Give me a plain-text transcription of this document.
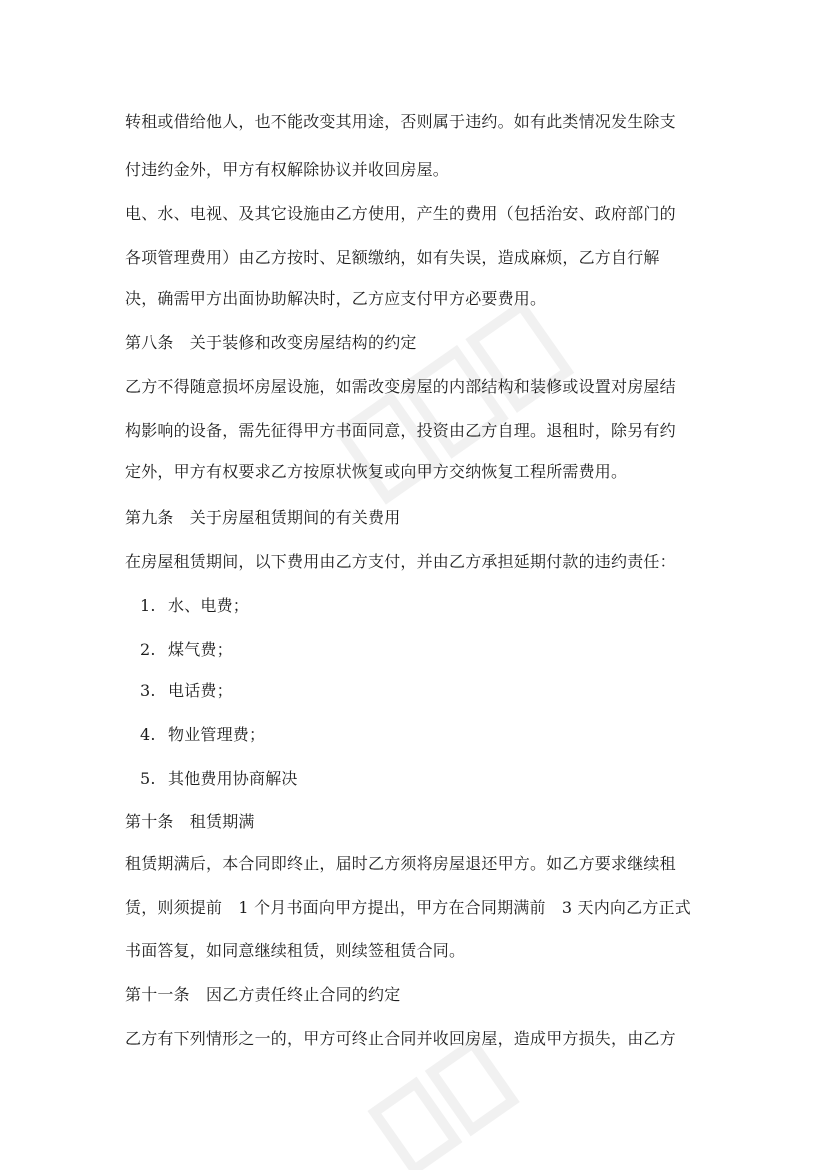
转租或借给他人，也不能改变其用途，否则属于违约。如有此类情况发生除支
付违约金外，甲方有权解除协议并收回房屋。
电、水、电视、及其它设施由乙方使用，产生的费用（包括治安、政府部门的
各项管理费用）由乙方按时、足额缴纳，如有失误，造成麻烦，乙方自行解
决，确需甲方出面协助解决时，乙方应支付甲方必要费用。
第八条　关于装修和改变房屋结构的约定
乙方不得随意损坏房屋设施，如需改变房屋的内部结构和装修或设置对房屋结
构影响的设备，需先征得甲方书面同意，投资由乙方自理。退租时，除另有约
定外，甲方有权要求乙方按原状恢复或向甲方交纳恢复工程所需费用。
第九条　关于房屋租赁期间的有关费用
在房屋租赁期间，以下费用由乙方支付，并由乙方承担延期付款的违约责任：
1. 水、电费；
2. 煤气费；
3. 电话费；
4. 物业管理费；
5. 其他费用协商解决
第十条　租赁期满
租赁期满后，本合同即终止，届时乙方须将房屋退还甲方。如乙方要求继续租
赁，则须提前　1 个月书面向甲方提出，甲方在合同期满前　3 天内向乙方正式
书面答复，如同意继续租赁，则续签租赁合同。
第十一条　因乙方责任终止合同的约定
乙方有下列情形之一的，甲方可终止合同并收回房屋，造成甲方损失，由乙方
